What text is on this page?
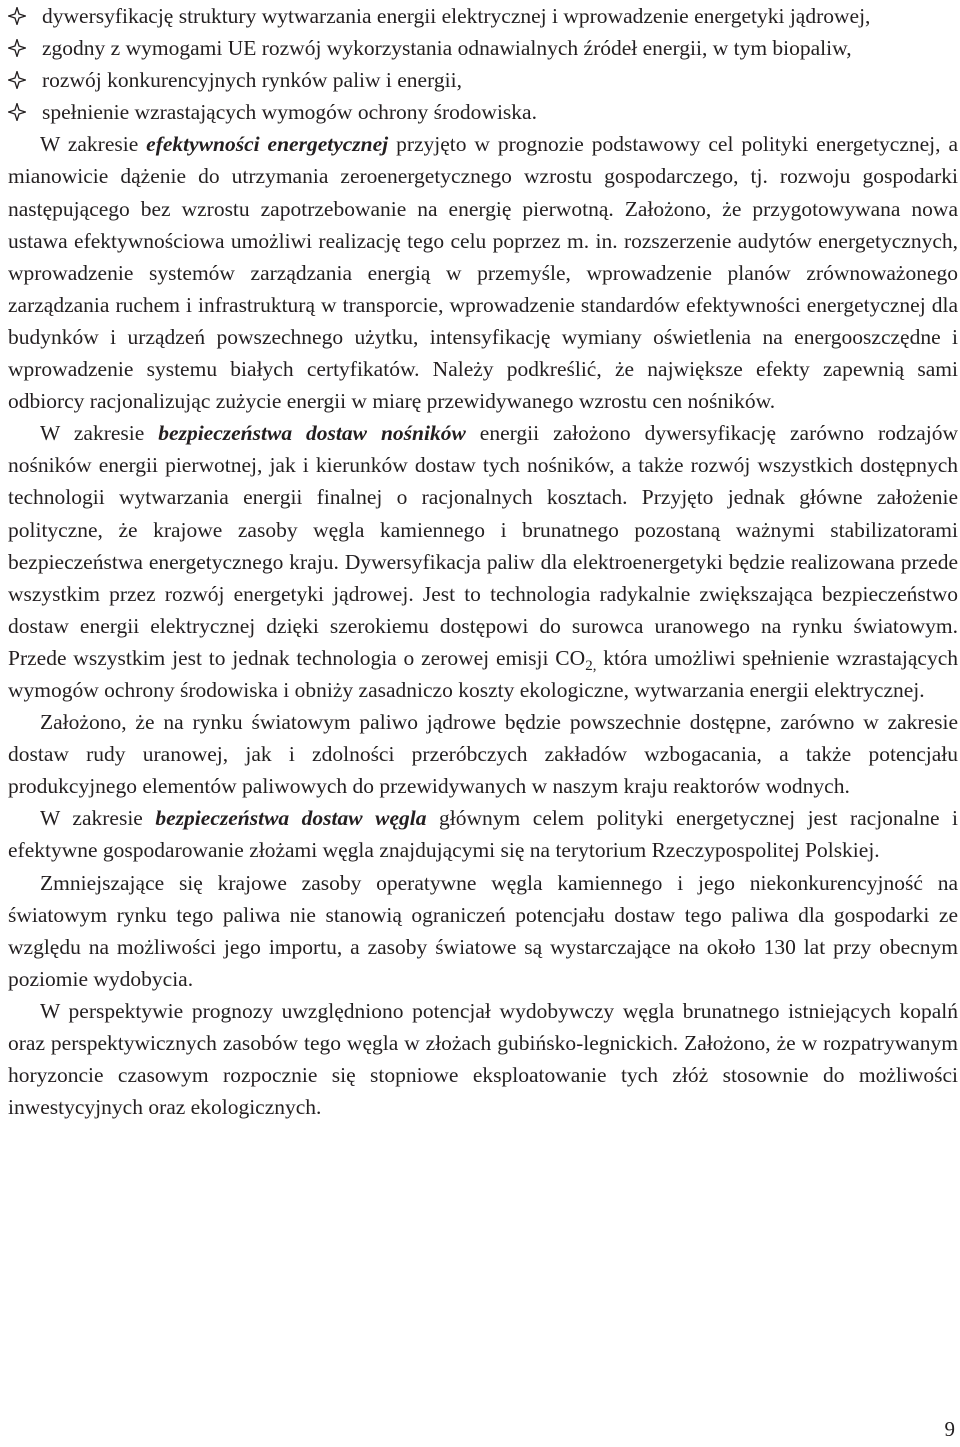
dywersyfikację struktury wytwarzania energii elektrycznej i wprowadzenie energetyki jądrowej,
zgodny z wymogami UE rozwój wykorzystania odnawialnych źródeł energii, w tym biopaliw,
rozwój konkurencyjnych rynków paliw i energii,
spełnienie wzrastających wymogów ochrony środowiska.

W zakresie efektywności energetycznej przyjęto w prognozie podstawowy cel polityki energetycznej, a mianowicie dążenie do utrzymania zeroenergetycznego wzrostu gospodarczego, tj. rozwoju gospodarki następującego bez wzrostu zapotrzebowanie na energię pierwotną. Założono, że przygotowywana nowa ustawa efektywnościowa umożliwi realizację tego celu poprzez m. in. rozszerzenie audytów energetycznych, wprowadzenie systemów zarządzania energią w przemyśle, wprowadzenie planów zrównoważonego zarządzania ruchem i infrastrukturą w transporcie, wprowadzenie standardów efektywności energetycznej dla budynków i urządzeń powszechnego użytku, intensyfikację wymiany oświetlenia na energooszczędne i wprowadzenie systemu białych certyfikatów. Należy podkreślić, że największe efekty zapewnią sami odbiorcy racjonalizując zużycie energii w miarę przewidywanego wzrostu cen nośników.

W zakresie bezpieczeństwa dostaw nośników energii założono dywersyfikację zarówno rodzajów nośników energii pierwotnej, jak i kierunków dostaw tych nośników, a także rozwój wszystkich dostępnych technologii wytwarzania energii finalnej o racjonalnych kosztach. Przyjęto jednak główne założenie polityczne, że krajowe zasoby węgla kamiennego i brunatnego pozostaną ważnymi stabilizatorami bezpieczeństwa energetycznego kraju. Dywersyfikacja paliw dla elektroenergetyki będzie realizowana przede wszystkim przez rozwój energetyki jądrowej. Jest to technologia radykalnie zwiększająca bezpieczeństwo dostaw energii elektrycznej dzięki szerokiemu dostępowi do surowca uranowego na rynku światowym. Przede wszystkim jest to jednak technologia o zerowej emisji $CO_{2,}$ która umożliwi spełnienie wzrastających wymogów ochrony środowiska i obniży zasadniczo koszty ekologiczne, wytwarzania energii elektrycznej.

Założono, że na rynku światowym paliwo jądrowe będzie powszechnie dostępne, zarówno w zakresie dostaw rudy uranowej, jak i zdolności przeróbczych zakładów wzbogacania, a także potencjału produkcyjnego elementów paliwowych do przewidywanych w naszym kraju reaktorów wodnych.

W zakresie bezpieczeństwa dostaw węgla głównym celem polityki energetycznej jest racjonalne i efektywne gospodarowanie złożami węgla znajdującymi się na terytorium Rzeczypospolitej Polskiej.

Zmniejszające się krajowe zasoby operatywne węgla kamiennego i jego niekonkurencyjność na światowym rynku tego paliwa nie stanowią ograniczeń potencjału dostaw tego paliwa dla gospodarki ze względu na możliwości jego importu, a zasoby światowe są wystarczające na około 130 lat przy obecnym poziomie wydobycia.

W perspektywie prognozy uwzględniono potencjał wydobywczy węgla brunatnego istniejących kopalń oraz perspektywicznych zasobów tego węgla w złożach gubińsko-legnickich. Założono, że w rozpatrywanym horyzoncie czasowym rozpocznie się stopniowe eksploatowanie tych złóż stosownie do możliwości inwestycyjnych oraz ekologicznych.

9
